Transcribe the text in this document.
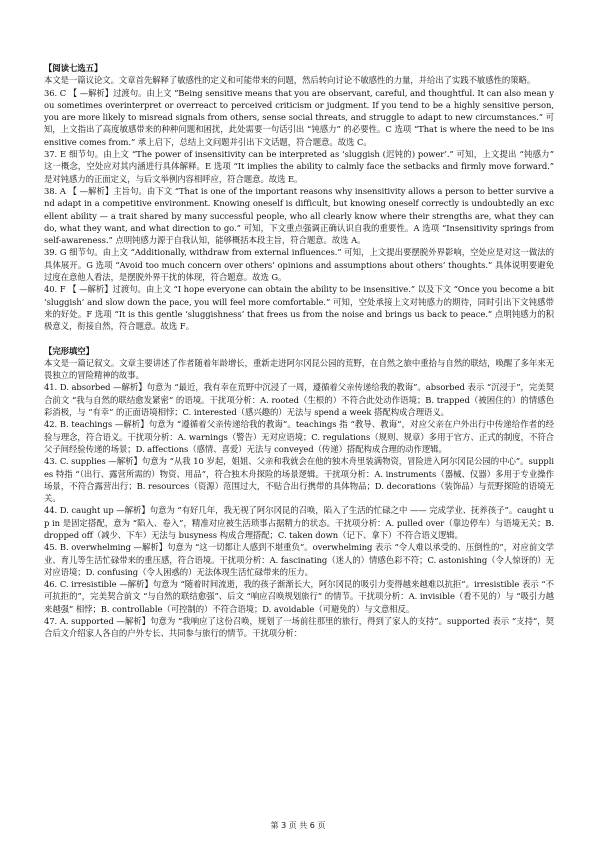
【阅读七选五】

本文是一篇议论文。文章首先解释了敏感性的定义和可能带来的问题，然后转向讨论不敏感性的力量，并给出了实践不敏感性的策略。

36. C 【 —解析】过渡句。由上文 “Being sensitive means that you are observant, careful, and thoughtful. It can also mean you sometimes overinterpret or overreact to perceived criticism or judgment. If you tend to be a highly sensitive person, you are more likely to misread signals from others, sense social threats, and struggle to adapt to new circumstances.” 可知，上文指出了高度敏感带来的种种问题和困扰，此处需要一句话引出 “钝感力” 的必要性。C 选项 “That is where the need to be insensitive comes from.” 承上启下，总结上文问题并引出下文话题，符合题意。故选 C。

37. E 细节句。由上文 “The power of insensitivity can be interpreted as ‘sluggish (迟钝的) power’.” 可知，上文提出 “钝感力” 这一概念，空处应对其内涵进行具体解释。E 选项 “It implies the ability to calmly face the setbacks and firmly move forward.” 是对钝感力的正面定义，与后文举例内容相呼应，符合题意。故选 E。

38. A 【 —解析】主旨句。由下文 “That is one of the important reasons why insensitivity allows a person to better survive and adapt in a competitive environment. Knowing oneself is difficult, but knowing oneself correctly is undoubtedly an excellent ability — a trait shared by many successful people, who all clearly know where their strengths are, what they can do, what they want, and what direction to go.” 可知，下文重点强调正确认识自我的重要性。A 选项 “Insensitivity springs from self-awareness.” 点明钝感力源于自我认知，能够概括本段主旨，符合题意。故选 A。

39. G 细节句。由上文 “Additionally, withdraw from external influences.” 可知，上文提出要摆脱外界影响，空处应是对这一做法的具体展开。G 选项 “Avoid too much concern over others’ opinions and assumptions about others’ thoughts.” 具体说明要避免过度在意他人看法，是摆脱外界干扰的体现，符合题意。故选 G。

40. F 【 —解析】过渡句。由上文 “I hope everyone can obtain the ability to be insensitive.” 以及下文 “Once you become a bit ‘sluggish’ and slow down the pace, you will feel more comfortable.” 可知，空处承接上文对钝感力的期待，同时引出下文钝感带来的好处。F 选项 “It is this gentle ‘sluggishness’ that frees us from the noise and brings us back to peace.” 点明钝感力的积极意义，衔接自然，符合题意。故选 F。

【完形填空】

本文是一篇记叙文。文章主要讲述了作者随着年龄增长，重新走进阿尔冈昆公园的荒野，在自然之旅中重拾与自然的联结，唤醒了多年来无畏独立的冒险精神的故事。

41. D. absorbed —解析】句意为 “最近，我有幸在荒野中沉浸了一周，遵循着父亲传递给我的教诲”。absorbed 表示 “沉浸于”，完美契合前文 “我与自然的联结愈发紧密” 的语境。干扰项分析：A. rooted（生根的）不符合此处动作语境；B. trapped（被困住的）的情感色彩消极，与 “有幸” 的正面语境相悖；C. interested（感兴趣的）无法与 spend a week 搭配构成合理语义。

42. B. teachings —解析】句意为 “遵循着父亲传递给我的教诲”。teachings 指 “教导、教诲”，对应父亲在户外出行中传递给作者的经验与理念，符合语义。干扰项分析：A. warnings（警告）无对应语境；C. regulations（规则、规章）多用于官方、正式的制度，不符合父子间经验传递的场景；D. affections（感情、喜爱）无法与 conveyed（传递）搭配构成合理的动作逻辑。

43. C. supplies —解析】句意为 “从我 10 岁起，姐姐、父亲和我就会在他的独木舟里装满物资，冒险进入阿尔冈昆公园的中心”。supplies 特指 “（出行、露营所需的）物资、用品”，符合独木舟探险的场景逻辑。干扰项分析：A. instruments（器械、仪器）多用于专业操作场景，不符合露营出行；B. resources（资源）范围过大，不贴合出行携带的具体物品；D. decorations（装饰品）与荒野探险的语境无关。

44. D. caught up —解析】句意为 “有好几年，我无视了阿尔冈昆的召唤，陷入了生活的忙碌之中 —— 完成学业、抚养孩子”。caught up in 是固定搭配，意为 “陷入、卷入”，精准对应被生活琐事占据精力的状态。干扰项分析：A. pulled over（靠边停车）与语境无关；B. dropped off（减少、下车）无法与 busyness 构成合理搭配；C. taken down（记下、拿下）不符合语义逻辑。

45. B. overwhelming —解析】句意为 “这一切都让人感到不堪重负”。overwhelming 表示 “令人难以承受的、压倒性的”，对应前文学业、育儿等生活忙碌带来的重压感，符合语境。干扰项分析：A. fascinating（迷人的）情感色彩不符；C. astonishing（令人惊讶的）无对应语境；D. confusing（令人困惑的）无法体现生活忙碌带来的压力。

46. C. irresistible —解析】句意为 “随着时间流逝，我的孩子渐渐长大，阿尔冈昆的吸引力变得越来越难以抗拒”。irresistible 表示 “不可抗拒的”，完美契合前文 “与自然的联结愈强”、后文 “响应召唤规划旅行” 的情节。干扰项分析：A. invisible（看不见的）与 “吸引力越来越强” 相悖；B. controllable（可控制的）不符合语境；D. avoidable（可避免的）与文意相反。

47. A. supported —解析】句意为 “我响应了这份召唤，规划了一场前往那里的旅行，得到了家人的支持”。supported 表示 “支持”，契合后文介绍家人各自的户外专长、共同参与旅行的情节。干扰项分析：

第 3 页 共 6 页
